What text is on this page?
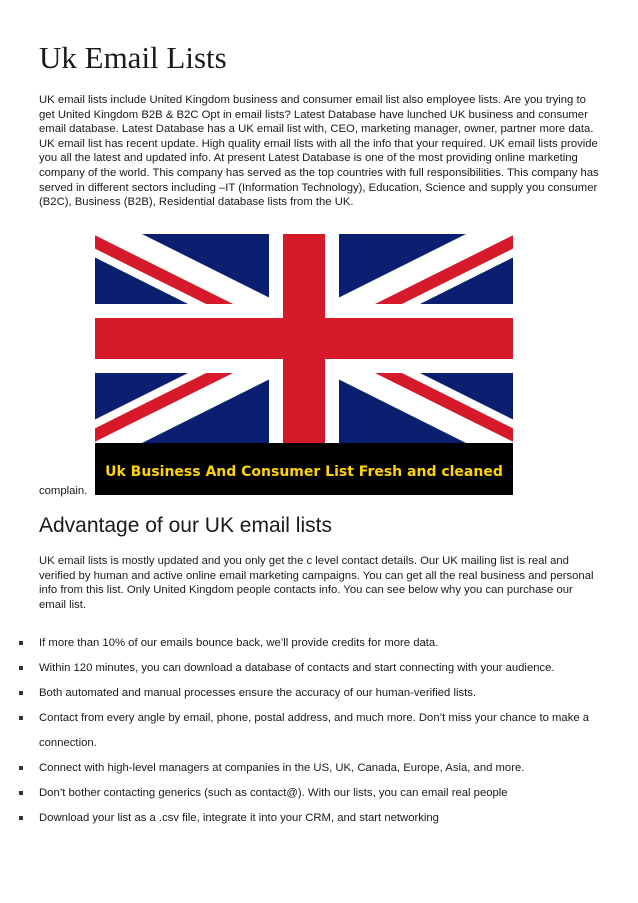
Uk Email Lists

UK email lists include United Kingdom business and consumer email list also employee lists. Are you trying to get United Kingdom B2B & B2C Opt in email lists? Latest Database have lunched UK business and consumer email database. Latest Database has a UK email list with, CEO, marketing manager, owner, partner more data. UK email list has recent update. High quality email lists with all the info that your required. UK email lists provide you all the latest and updated info. At present Latest Database is one of the most providing online marketing company of the world. This company has served as the top countries with full responsibilities. This company has served in different sectors including –IT (Information Technology), Education, Science and supply you consumer (B2C), Business (B2B), Residential database lists from the UK.

Uk Business And Consumer List Fresh and cleaned

complain.

Advantage of our UK email lists

UK email lists is mostly updated and you only get the c level contact details. Our UK mailing list is real and verified by human and active online email marketing campaigns. You can get all the real business and personal info from this list. Only United Kingdom people contacts info. You can see below why you can purchase our email list.

If more than 10% of our emails bounce back, we’ll provide credits for more data.
Within 120 minutes, you can download a database of contacts and start connecting with your audience.
Both automated and manual processes ensure the accuracy of our human-verified lists.
Contact from every angle by email, phone, postal address, and much more. Don’t miss your chance to make a connection.
Connect with high-level managers at companies in the US, UK, Canada, Europe, Asia, and more.
Don’t bother contacting generics (such as contact@). With our lists, you can email real people
Download your list as a .csv file, integrate it into your CRM, and start networking
